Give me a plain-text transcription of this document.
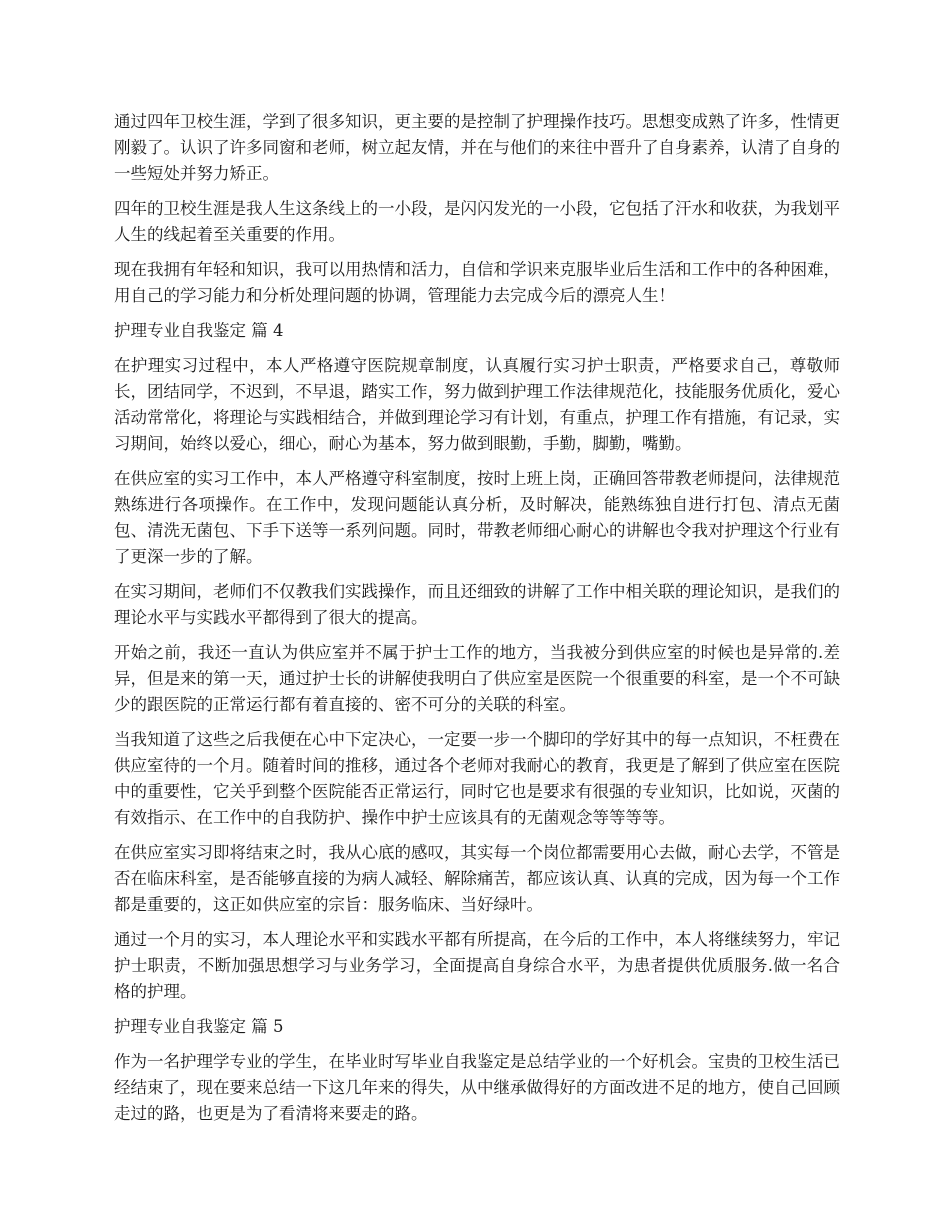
通过四年卫校生涯，学到了很多知识，更主要的是控制了护理操作技巧。思想变成熟了许多，性情更刚毅了。认识了许多同窗和老师，树立起友情，并在与他们的来往中晋升了自身素养，认清了自身的一些短处并努力矫正。

四年的卫校生涯是我人生这条线上的一小段，是闪闪发光的一小段，它包括了汗水和收获，为我划平人生的线起着至关重要的作用。

现在我拥有年轻和知识，我可以用热情和活力，自信和学识来克服毕业后生活和工作中的各种困难，用自己的学习能力和分析处理问题的协调，管理能力去完成今后的漂亮人生！

护理专业自我鉴定 篇 4

在护理实习过程中，本人严格遵守医院规章制度，认真履行实习护士职责，严格要求自己，尊敬师长，团结同学，不迟到，不早退，踏实工作，努力做到护理工作法律规范化，技能服务优质化，爱心活动常常化，将理论与实践相结合，并做到理论学习有计划，有重点，护理工作有措施，有记录，实习期间，始终以爱心，细心，耐心为基本，努力做到眼勤，手勤，脚勤，嘴勤。

在供应室的实习工作中，本人严格遵守科室制度，按时上班上岗，正确回答带教老师提问，法律规范熟练进行各项操作。在工作中，发现问题能认真分析，及时解决，能熟练独自进行打包、清点无菌包、清洗无菌包、下手下送等一系列问题。同时，带教老师细心耐心的讲解也令我对护理这个行业有了更深一步的了解。

在实习期间，老师们不仅教我们实践操作，而且还细致的讲解了工作中相关联的理论知识，是我们的理论水平与实践水平都得到了很大的提高。

开始之前，我还一直认为供应室并不属于护士工作的地方，当我被分到供应室的时候也是异常的.差异，但是来的第一天，通过护士长的讲解使我明白了供应室是医院一个很重要的科室，是一个不可缺少的跟医院的正常运行都有着直接的、密不可分的关联的科室。

当我知道了这些之后我便在心中下定决心，一定要一步一个脚印的学好其中的每一点知识，不枉费在供应室待的一个月。随着时间的推移，通过各个老师对我耐心的教育，我更是了解到了供应室在医院中的重要性，它关乎到整个医院能否正常运行，同时它也是要求有很强的专业知识，比如说，灭菌的有效指示、在工作中的自我防护、操作中护士应该具有的无菌观念等等等等。

在供应室实习即将结束之时，我从心底的感叹，其实每一个岗位都需要用心去做，耐心去学，不管是否在临床科室，是否能够直接的为病人减轻、解除痛苦，都应该认真、认真的完成，因为每一个工作都是重要的，这正如供应室的宗旨：服务临床、当好绿叶。

通过一个月的实习，本人理论水平和实践水平都有所提高，在今后的工作中，本人将继续努力，牢记护士职责，不断加强思想学习与业务学习，全面提高自身综合水平，为患者提供优质服务.做一名合格的护理。

护理专业自我鉴定 篇 5

作为一名护理学专业的学生，在毕业时写毕业自我鉴定是总结学业的一个好机会。宝贵的卫校生活已经结束了，现在要来总结一下这几年来的得失，从中继承做得好的方面改进不足的地方，使自己回顾走过的路，也更是为了看清将来要走的路。
